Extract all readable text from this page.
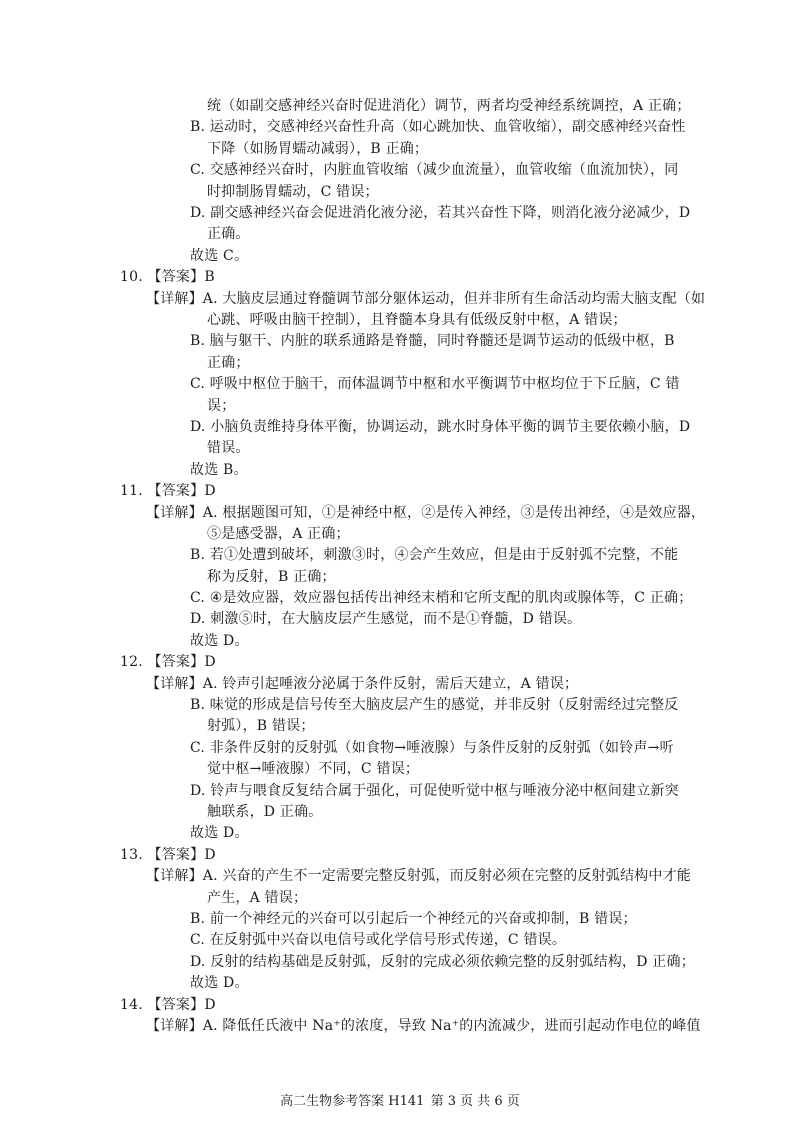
统（如副交感神经兴奋时促进消化）调节，两者均受神经系统调控，A 正确；
B. 运动时，交感神经兴奋性升高（如心跳加快、血管收缩），副交感神经兴奋性
下降（如肠胃蠕动减弱），B 正确；
C. 交感神经兴奋时，内脏血管收缩（减少血流量），血管收缩（血流加快），同
时抑制肠胃蠕动，C 错误；
D. 副交感神经兴奋会促进消化液分泌，若其兴奋性下降，则消化液分泌减少，D
正确。
故选 C。
10. 【答案】B
【详解】A. 大脑皮层通过脊髓调节部分躯体运动，但并非所有生命活动均需大脑支配（如
心跳、呼吸由脑干控制），且脊髓本身具有低级反射中枢，A 错误；
B. 脑与躯干、内脏的联系通路是脊髓，同时脊髓还是调节运动的低级中枢，B
正确；
C. 呼吸中枢位于脑干，而体温调节中枢和水平衡调节中枢均位于下丘脑，C 错
误；
D. 小脑负责维持身体平衡，协调运动，跳水时身体平衡的调节主要依赖小脑，D
错误。
故选 B。
11. 【答案】D
【详解】A. 根据题图可知，①是神经中枢，②是传入神经，③是传出神经，④是效应器，
⑤是感受器，A 正确；
B. 若①处遭到破坏，刺激③时，④会产生效应，但是由于反射弧不完整，不能
称为反射，B 正确；
C. ④是效应器，效应器包括传出神经末梢和它所支配的肌肉或腺体等，C 正确；
D. 刺激⑤时，在大脑皮层产生感觉，而不是①脊髓，D 错误。
故选 D。
12. 【答案】D
【详解】A. 铃声引起唾液分泌属于条件反射，需后天建立，A 错误；
B. 味觉的形成是信号传至大脑皮层产生的感觉，并非反射（反射需经过完整反
射弧），B 错误；
C. 非条件反射的反射弧（如食物→唾液腺）与条件反射的反射弧（如铃声→听
觉中枢→唾液腺）不同，C 错误；
D. 铃声与喂食反复结合属于强化，可促使听觉中枢与唾液分泌中枢间建立新突
触联系，D 正确。
故选 D。
13. 【答案】D
【详解】A. 兴奋的产生不一定需要完整反射弧，而反射必须在完整的反射弧结构中才能
产生，A 错误；
B. 前一个神经元的兴奋可以引起后一个神经元的兴奋或抑制，B 错误；
C. 在反射弧中兴奋以电信号或化学信号形式传递，C 错误。
D. 反射的结构基础是反射弧，反射的完成必须依赖完整的反射弧结构，D 正确；
高二生物参考答案 H141 第 3 页 共 6 页
故选 D。
14. 【答案】D
【详解】A. 降低任氏液中 Na⁺的浓度，导致 Na⁺的内流减少，进而引起动作电位的峰值
